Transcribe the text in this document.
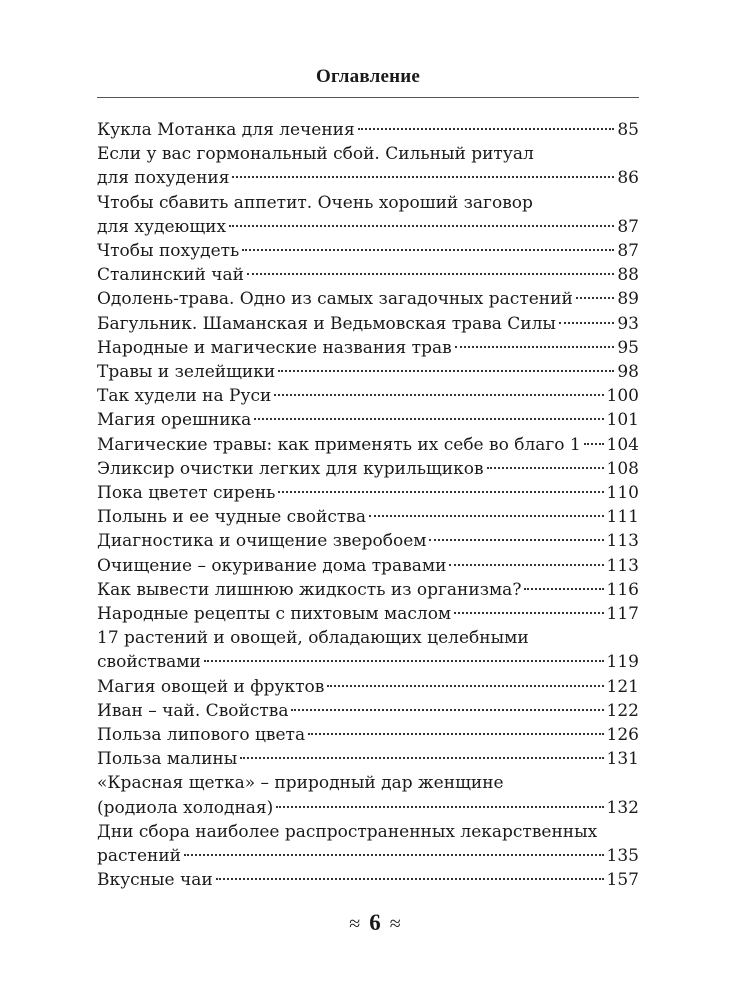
Оглавление
Кукла Мотанка для лечения	85
Если у вас гормональный сбой. Сильный ритуал
для похудения	86
Чтобы сбавить аппетит. Очень хороший заговор
для худеющих	87
Чтобы похудеть	87
Сталинский чай	88
Одолень-трава. Одно из самых загадочных растений	89
Багульник. Шаманская и Ведьмовская трава Силы	93
Народные и магические названия трав	95
Травы и зелейщики	98
Так худели на Руси	100
Магия орешника	101
Магические травы: как применять их себе во благо 1 104
Эликсир очистки легких для курильщиков	108
Пока цветет сирень	110
Полынь и ее чудные свойства	111
Диагностика и очищение зверобоем	113
Очищение – окуривание дома травами	113
Как вывести лишнюю жидкость из организма?	116
Народные рецепты с пихтовым маслом	117
17 растений и овощей, обладающих целебными
свойствами	119
Магия овощей и фруктов	121
Иван – чай. Свойства	122
Польза липового цвета	126
Польза малины	131
«Красная щетка» – природный дар женщине
(родиола холодная)	132
Дни сбора наиболее распространенных лекарственных
растений	135
Вкусные чаи	157
≈ 6 ≈
